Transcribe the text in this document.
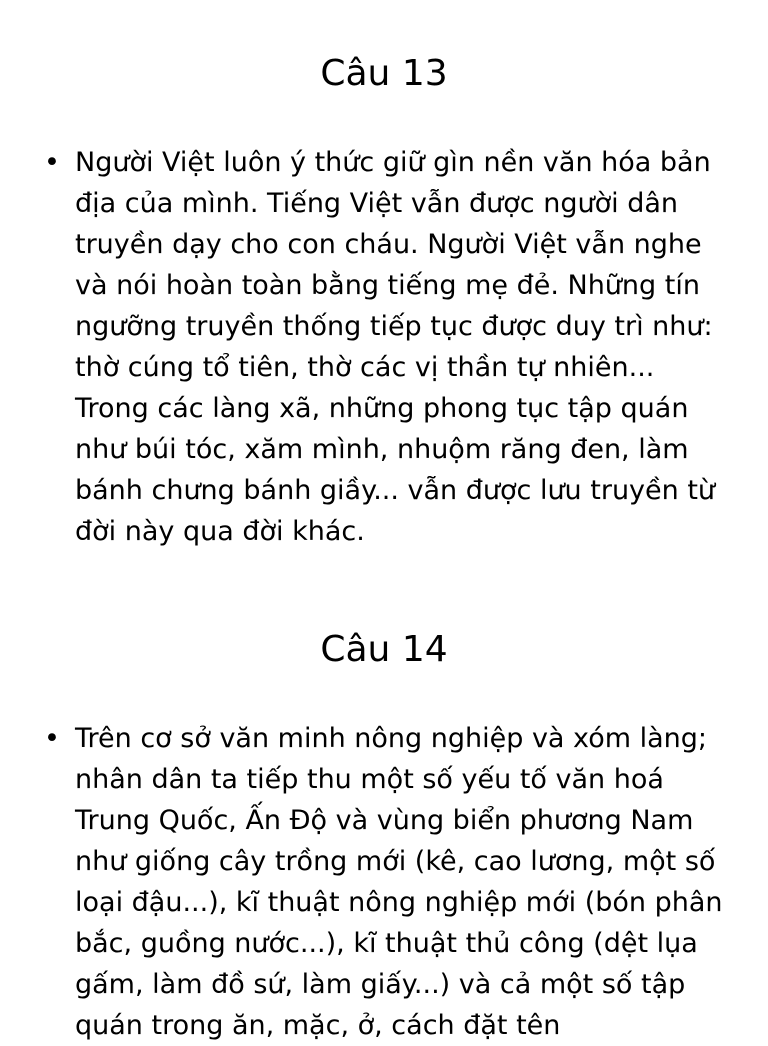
Câu 13
• Người Việt luôn ý thức giữ gìn nền văn hóa bản địa của mình. Tiếng Việt vẫn được người dân truyền dạy cho con cháu. Người Việt vẫn nghe và nói hoàn toàn bằng tiếng mẹ đẻ. Những tín ngưỡng truyền thống tiếp tục được duy trì như: thờ cúng tổ tiên, thờ các vị thần tự nhiên... Trong các làng xã, những phong tục tập quán như búi tóc, xăm mình, nhuộm răng đen, làm bánh chưng bánh giầy... vẫn được lưu truyền từ đời này qua đời khác.
Câu 14
• Trên cơ sở văn minh nông nghiệp và xóm làng; nhân dân ta tiếp thu một số yếu tố văn hoá Trung Quốc, Ấn Độ và vùng biển phương Nam như giống cây trồng mới (kê, cao lương, một số loại đậu...), kĩ thuật nông nghiệp mới (bón phân bắc, guồng nước...), kĩ thuật thủ công (dệt lụa gấm, làm đồ sứ, làm giấy...) và cả một số tập quán trong ăn, mặc, ở, cách đặt tên
